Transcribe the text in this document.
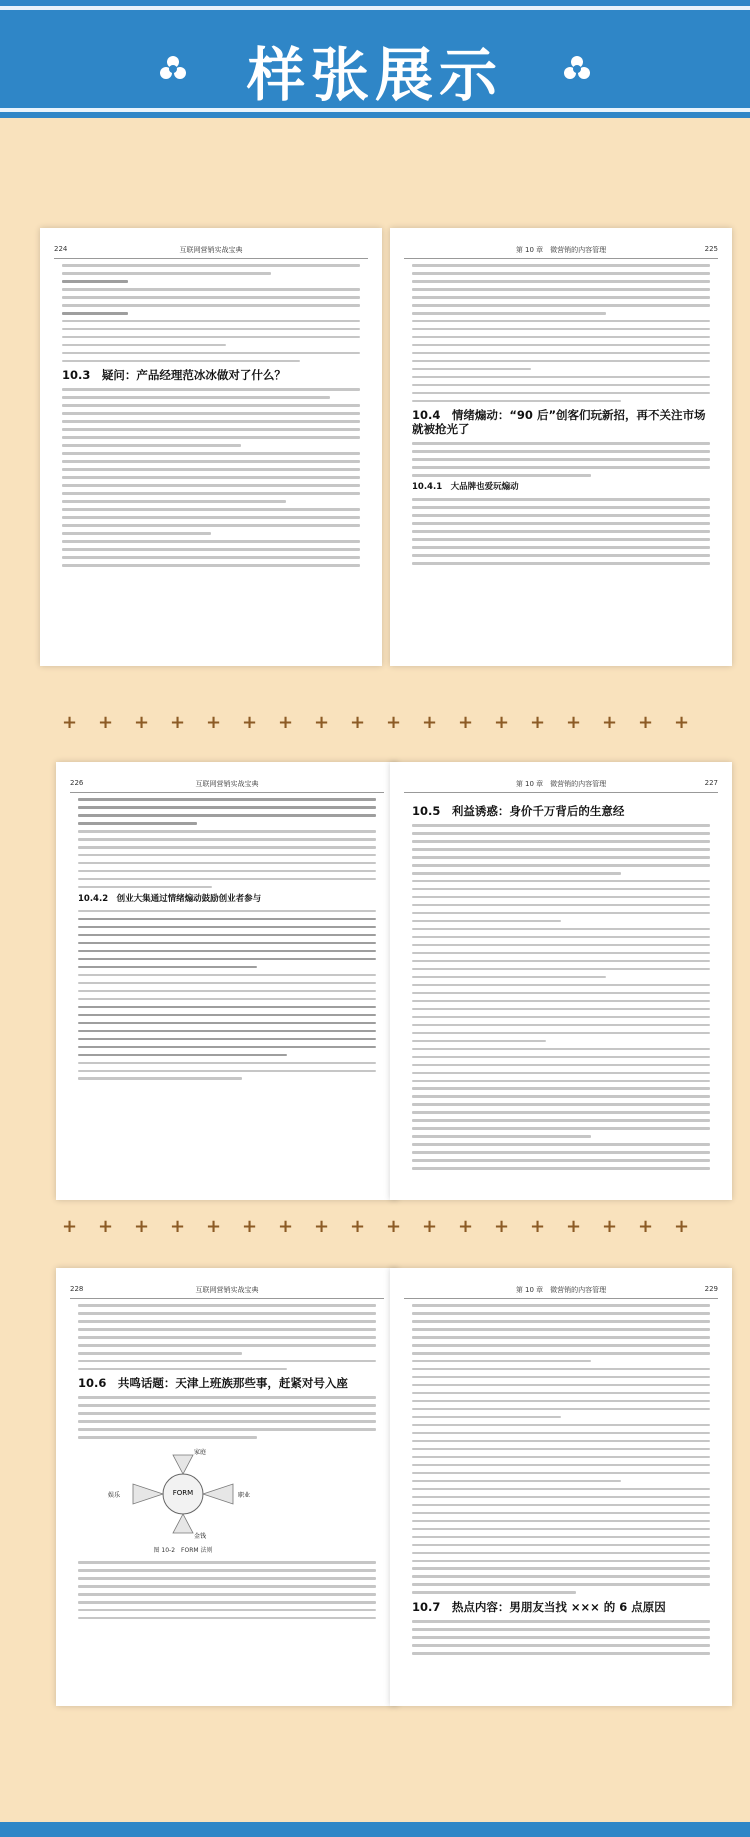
样张展示
224	互联网营销实战宝典
10.3　疑问：产品经理范冰冰做对了什么？
第 10 章　微营销的内容管理	225
10.4　情绪煽动：“90 后”创客们玩新招，再不关注市场就被抢光了
10.4.1　大品牌也爱玩煽动
+ + + + + + + + + + + + + + + + + +
226	互联网营销实战宝典
10.4.2　创业大集通过情绪煽动鼓励创业者参与
第 10 章　微营销的内容管理	227
10.5　利益诱惑：身价千万背后的生意经
+ + + + + + + + + + + + + + + + + +
228	互联网营销实战宝典
10.6　共鸣话题：天津上班族那些事，赶紧对号入座
FORM
家庭
职业
娱乐
金钱
图 10-2　FORM 法则
第 10 章　微营销的内容管理	229
10.7　热点内容：男朋友当找 ××× 的 6 点原因
